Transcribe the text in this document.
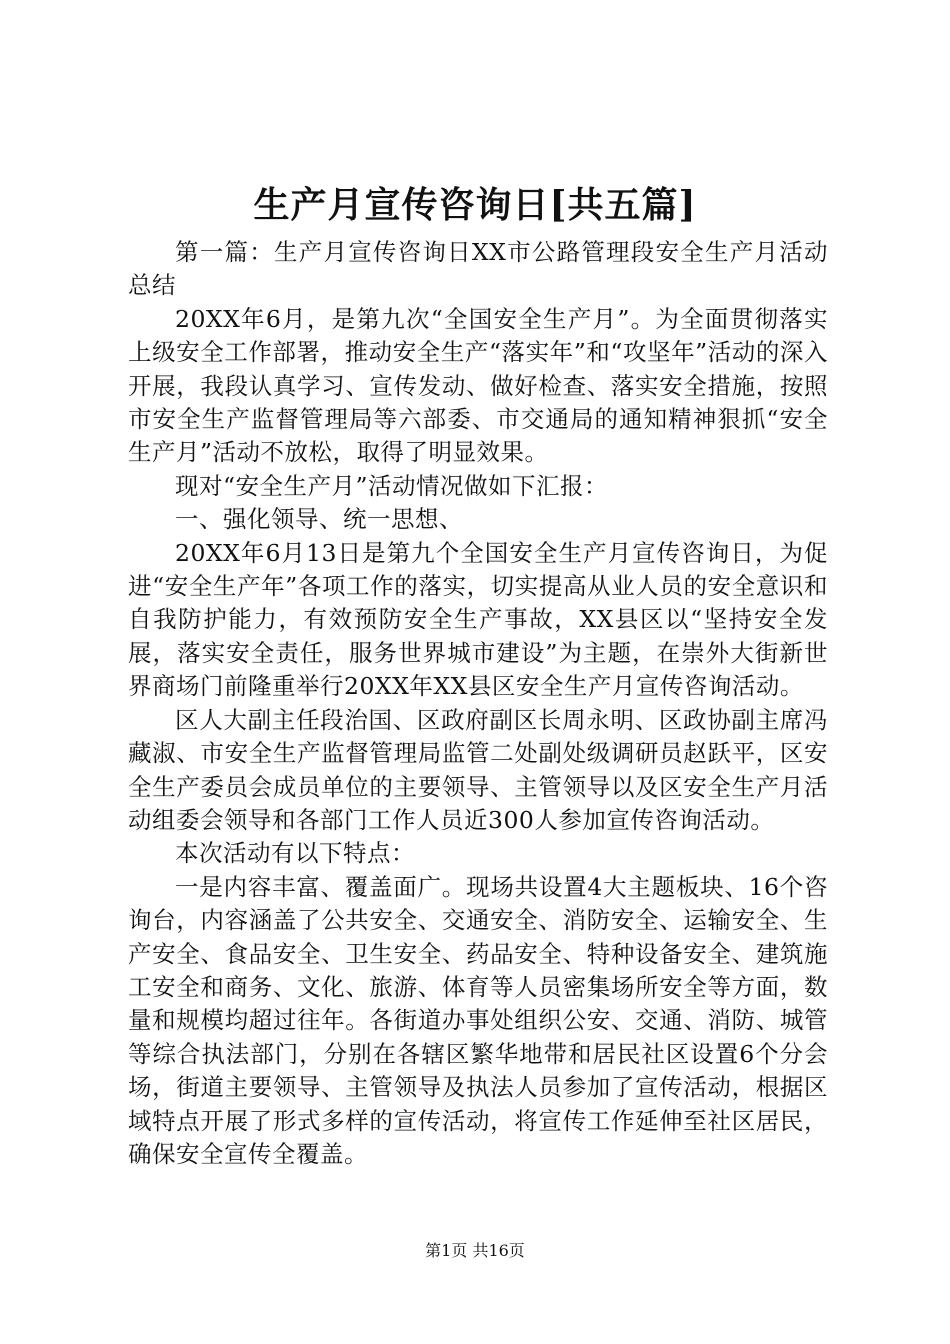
生产月宣传咨询日[共五篇]

第一篇：生产月宣传咨询日XX市公路管理段安全生产月活动总结

20XX年6月，是第九次“全国安全生产月”。为全面贯彻落实上级安全工作部署，推动安全生产“落实年”和“攻坚年”活动的深入开展，我段认真学习、宣传发动、做好检查、落实安全措施，按照市安全生产监督管理局等六部委、市交通局的通知精神狠抓“安全生产月”活动不放松，取得了明显效果。

现对“安全生产月”活动情况做如下汇报：

一、强化领导、统一思想、

20XX年6月13日是第九个全国安全生产月宣传咨询日，为促进“安全生产年”各项工作的落实，切实提高从业人员的安全意识和自我防护能力，有效预防安全生产事故，XX县区以“坚持安全发展，落实安全责任，服务世界城市建设”为主题，在崇外大街新世界商场门前隆重举行20XX年XX县区安全生产月宣传咨询活动。

区人大副主任段治国、区政府副区长周永明、区政协副主席冯藏淑、市安全生产监督管理局监管二处副处级调研员赵跃平，区安全生产委员会成员单位的主要领导、主管领导以及区安全生产月活动组委会领导和各部门工作人员近300人参加宣传咨询活动。

本次活动有以下特点：

一是内容丰富、覆盖面广。现场共设置4大主题板块、16个咨询台，内容涵盖了公共安全、交通安全、消防安全、运输安全、生产安全、食品安全、卫生安全、药品安全、特种设备安全、建筑施工安全和商务、文化、旅游、体育等人员密集场所安全等方面，数量和规模均超过往年。各街道办事处组织公安、交通、消防、城管等综合执法部门，分别在各辖区繁华地带和居民社区设置6个分会场，街道主要领导、主管领导及执法人员参加了宣传活动，根据区域特点开展了形式多样的宣传活动，将宣传工作延伸至社区居民，确保安全宣传全覆盖。

第1页 共16页
